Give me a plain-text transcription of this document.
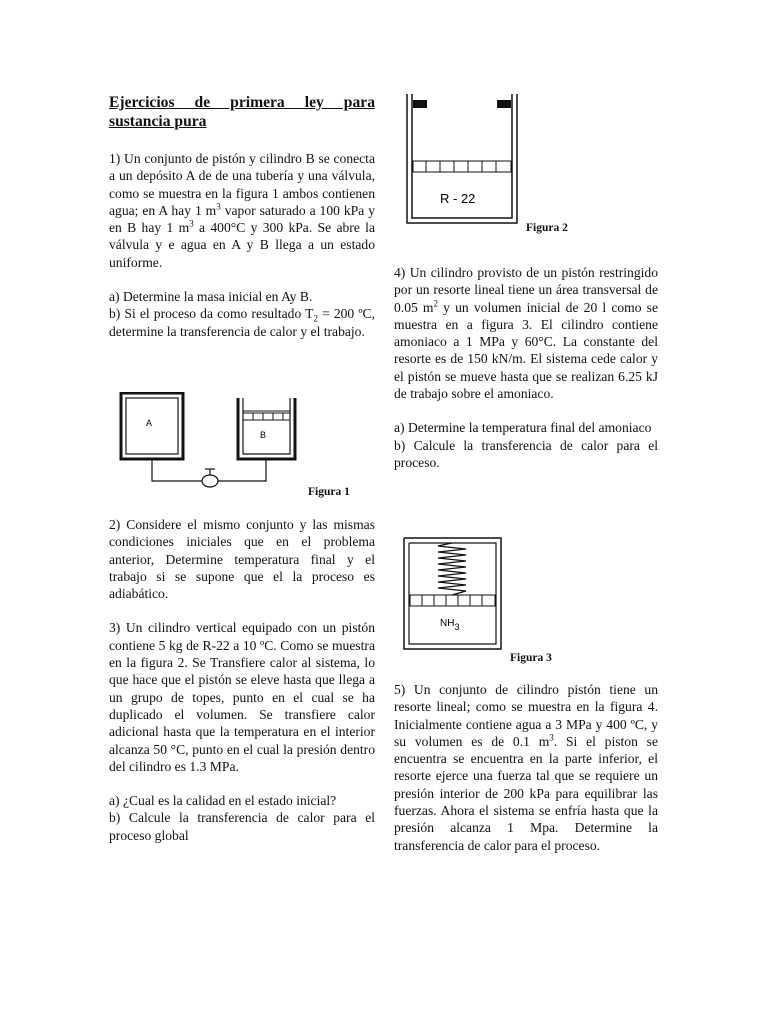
Ejercicios de primera ley para sustancia pura

1) Un conjunto de pistón y cilindro B se conecta a un depósito A de de una tubería y una válvula, como se muestra en la figura 1 ambos contienen agua; en A hay 1 $m^3$ vapor saturado a 100 kPa y en B hay 1 $m^3$ a 400°C y 300 kPa. Se abre la válvula y e agua en A y B llega a un estado uniforme.

a) Determine la masa inicial en Ay B.

b) Si el proceso da como resultado $T_2 = 200$ ºC, determine la transferencia de calor y el trabajo.

A
B
Figura 1

2) Considere el mismo conjunto y las mismas condiciones iniciales que en el problema anterior, Determine temperatura final y el trabajo si se supone que el la proceso es adiabático.

3) Un cilindro vertical equipado con un pistón contiene 5 kg de R-22 a 10 ºC. Como se muestra en la figura 2. Se Transfiere calor al sistema, lo que hace que el pistón se eleve hasta que llega a un grupo de topes, punto en el cual se ha duplicado el volumen. Se transfiere calor adicional hasta que la temperatura en el interior alcanza 50 °C, punto en el cual la presión dentro del cilindro es 1.3 MPa.

a) ¿Cual es la calidad en el estado inicial?

b) Calcule la transferencia de calor para el proceso global

R - 22
Figura 2

4) Un cilindro provisto de un pistón restringido por un resorte lineal tiene un área transversal de 0.05 $m^2$ y un volumen inicial de 20 l como se muestra en a figura 3. El cilindro contiene amoniaco a 1 MPa y 60°C. La constante del resorte es de 150 kN/m. El sistema cede calor y el pistón se mueve hasta que se realizan 6.25 kJ de trabajo sobre el amoniaco.

a) Determine la temperatura final del amoniaco

b) Calcule la transferencia de calor para el proceso.

NH3
Figura 3

5) Un conjunto de cilindro pistón tiene un resorte lineal; como se muestra en la figura 4. Inicialmente contiene agua a 3 MPa y 400 ºC, y su volumen es de 0.1 $m^3$. Si el piston se encuentra se encuentra en la parte inferior, el resorte ejerce una fuerza tal que se requiere un presión interior de 200 kPa para equilibrar las fuerzas. Ahora el sistema se enfría hasta que la presión alcanza 1 Mpa. Determine la transferencia de calor para el proceso.
